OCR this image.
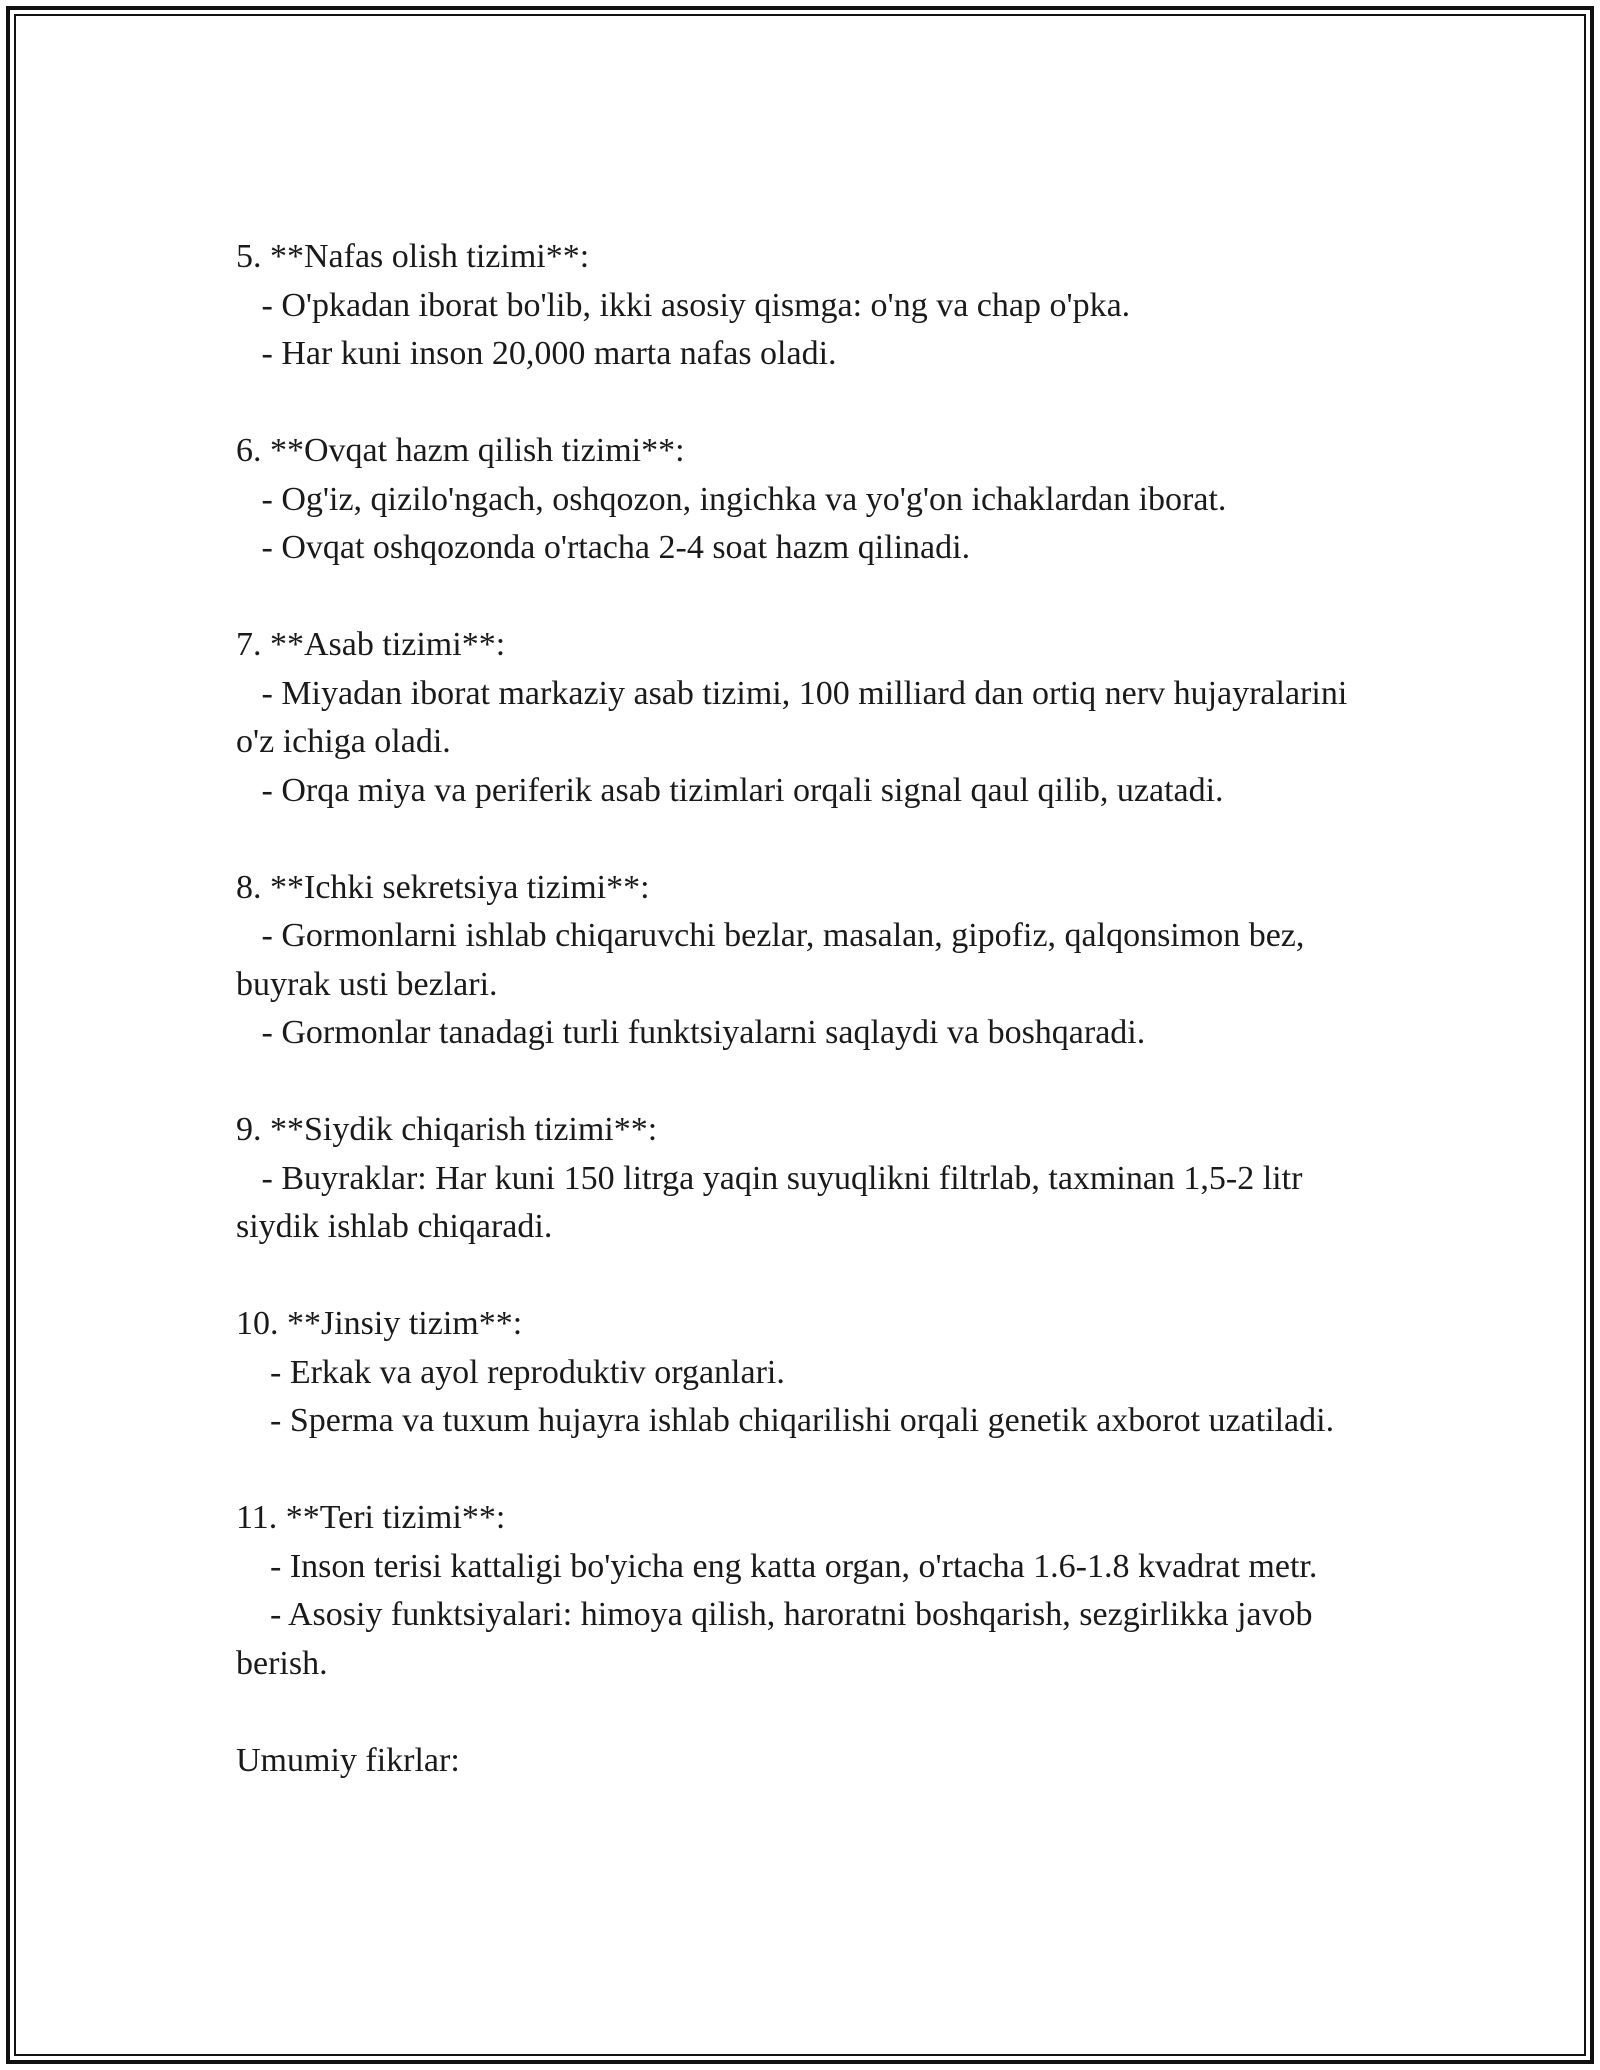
5. **Nafas olish tizimi**:

- O'pkadan iborat bo'lib, ikki asosiy qismga: o'ng va chap o'pka.

- Har kuni inson 20,000 marta nafas oladi.

6. **Ovqat hazm qilish tizimi**:

- Og'iz, qizilo'ngach, oshqozon, ingichka va yo'g'on ichaklardan iborat.

- Ovqat oshqozonda o'rtacha 2-4 soat hazm qilinadi.

7. **Asab tizimi**:

- Miyadan iborat markaziy asab tizimi, 100 milliard dan ortiq nerv hujayralarini o'z ichiga oladi.

- Orqa miya va periferik asab tizimlari orqali signal qaul qilib, uzatadi.

8. **Ichki sekretsiya tizimi**:

- Gormonlarni ishlab chiqaruvchi bezlar, masalan, gipofiz, qalqonsimon bez, buyrak usti bezlari.

- Gormonlar tanadagi turli funktsiyalarni saqlaydi va boshqaradi.

9. **Siydik chiqarish tizimi**:

- Buyraklar: Har kuni 150 litrga yaqin suyuqlikni filtrlab, taxminan 1,5-2 litr siydik ishlab chiqaradi.

10. **Jinsiy tizim**:

- Erkak va ayol reproduktiv organlari.

- Sperma va tuxum hujayra ishlab chiqarilishi orqali genetik axborot uzatiladi.

11. **Teri tizimi**:

- Inson terisi kattaligi bo'yicha eng katta organ, o'rtacha 1.6-1.8 kvadrat metr.

- Asosiy funktsiyalari: himoya qilish, haroratni boshqarish, sezgirlikka javob berish.

Umumiy fikrlar:
